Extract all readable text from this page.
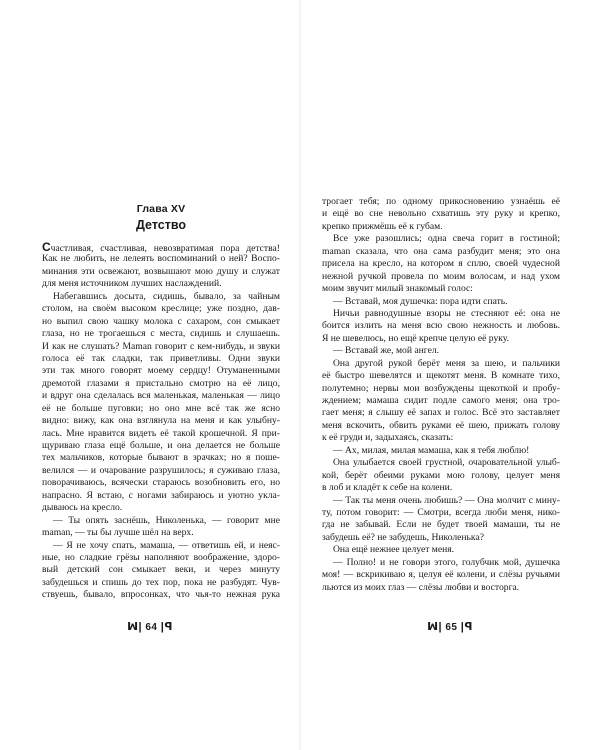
Глава XV
Детство
Счастливая, счастливая, невозвратимая пора детства!
Как не любить, не лелеять воспоминаний о ней? Воспо-
минания эти освежают, возвышают мою душу и служат
для меня источником лучших наслаждений.
Набегавшись досыта, сидишь, бывало, за чайным
столом, на своём высоком креслице; уже поздно, дав-
но выпил свою чашку молока с сахаром, сон смыкает
глаза, но не трогаешься с места, сидишь и слушаешь.
И как не слушать? Maman говорит с кем-нибудь, и звуки
голоса её так сладки, так приветливы. Одни звуки
эти так много говорят моему сердцу! Отуманенными
дремотой глазами я пристально смотрю на её лицо,
и вдруг она сделалась вся маленькая, маленькая — лицо
её не больше пуговки; но оно мне всё так же ясно
видно: вижу, как она взглянула на меня и как улыбну-
лась. Мне нравится видеть её такой крошечной. Я при-
щуриваю глаза ещё больше, и она делается не больше
тех мальчиков, которые бывают в зрачках; но я пошe-
велился — и очарование разрушилось; я суживаю глаза,
поворачиваюсь, всячески стараюсь возобновить его, но
напрасно. Я встаю, с ногами забираюсь и уютно уклa-
дываюсь на кресло.
— Ты опять заснёшь, Николенька, — говорит мне
maman, — ты бы лучше шёл на верх.
— Я не хочу спать, мамаша, — ответишь ей, и неяс-
ные, но сладкие грёзы наполняют воображение, здоро-
вый детский сон смыкает веки, и через минуту
забудешься и спишь до тех пор, пока не разбудят. Чув-
ствуешь, бывало, впросонках, что чья-то нежная рука
ꟽ| 64 |ꟼ
трогает тебя; по одному прикосновению узнаёшь её
и ещё во сне невольно схватишь эту руку и крепко,
крепко прижмёшь её к губам.
Все уже разошлись; одна свеча горит в гостиной;
maman сказала, что она сама разбудит меня; это она
присела на кресло, на котором я сплю, своей чудесной
нежной ручкой провела по моим волосам, и над ухом
моим звучит милый знакомый голос:
— Вставай, моя душечка: пора идти спать.
Ничьи равнодушные взоры не стесняют её: она не
боится излить на меня всю свою нежность и любовь.
Я не шевелюсь, но ещё крепче целую её руку.
— Вставай же, мой ангел.
Она другой рукой берёт меня за шею, и пальчики
её быстро шевелятся и щекотят меня. В комнате тихо,
полутемно; нервы мои возбуждены щекоткой и пробу-
ждением; мамаша сидит подле самого меня; она тро-
гает меня; я слышу её запах и голос. Всё это заставляет
меня вскочить, обвить руками её шею, прижать голову
к её груди и, задыхаясь, сказать:
— Ах, милая, милая мамаша, как я тебя люблю!
Она улыбается своей грустной, очаровательной улыб-
кой, берёт обеими руками мою голову, целует меня
в лоб и кладёт к себе на колени.
— Так ты меня очень любишь? — Она молчит с мину-
ту, потом говорит: — Смотри, всегда люби меня, нико-
гда не забывай. Если не будет твоей мамаши, ты не
забудешь её? не забудешь, Николенька?
Она ещё нежнее целует меня.
— Полно! и не говори этого, голубчик мой, душечка
моя! — вскрикиваю я, целуя её колени, и слёзы ручьями
льются из моих глаз — слёзы любви и восторга.
ꟽ| 65 |ꟼ
